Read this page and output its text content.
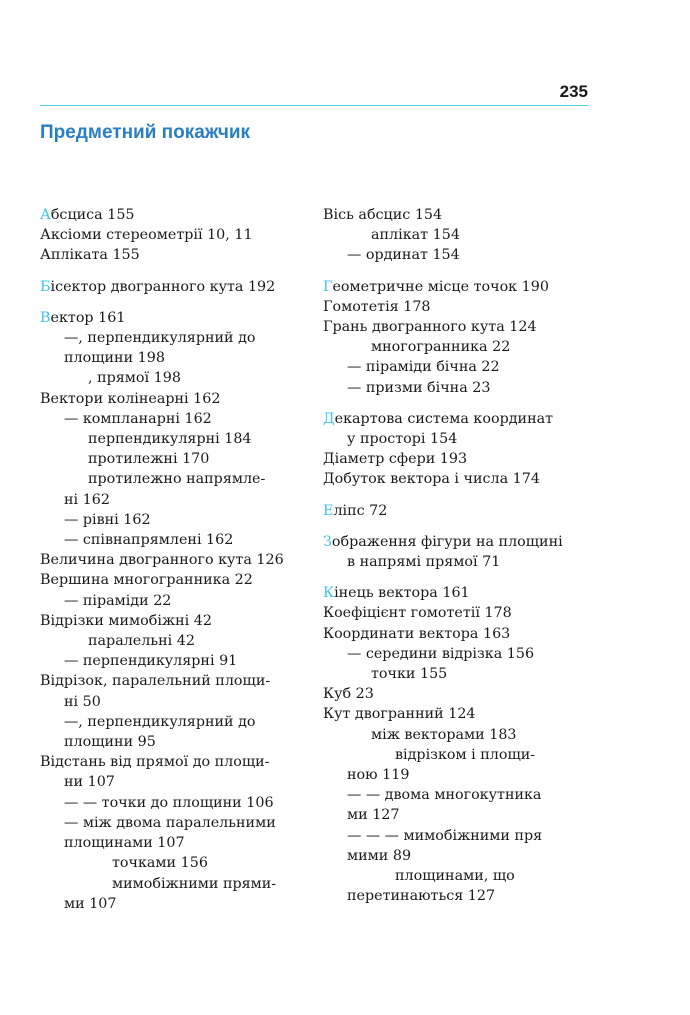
235
Предметний покажчик
Абсциса 155
Аксіоми стереометрії 10, 11
Апліката 155
Бісектор двогранного кута 192
Вектор 161
—, перпендикулярний до
площини 198
, прямої 198
Вектори колінеарні 162
— компланарні 162
перпендикулярні 184
протилежні 170
протилежно напрямле-
ні 162
— рівні 162
— співнапрямлені 162
Величина двогранного кута 126
Вершина многогранника 22
— піраміди 22
Відрізки мимобіжні 42
паралельні 42
— перпендикулярні 91
Відрізок, паралельний площи-
ні 50
—, перпендикулярний до
площини 95
Відстань від прямої до площи-
ни 107
— — точки до площини 106
— між двома паралельними
площинами 107
точками 156
мимобіжними прями-
ми 107
Вісь абсцис 154
аплікат 154
— ординат 154
Геометричне місце точок 190
Гомотетія 178
Грань двогранного кута 124
многогранника 22
— піраміди бічна 22
— призми бічна 23
Декартова система координат
у просторі 154
Діаметр сфери 193
Добуток вектора і числа 174
Еліпс 72
Зображення фігури на площині
в напрямі прямої 71
Кінець вектора 161
Коефіцієнт гомотетії 178
Координати вектора 163
— середини відрізка 156
точки 155
Куб 23
Кут двогранний 124
між векторами 183
відрізком і площи-
ною 119
— — двома многокутника
ми 127
— — — мимобіжними пря
мими 89
площинами, що
перетинаються 127
